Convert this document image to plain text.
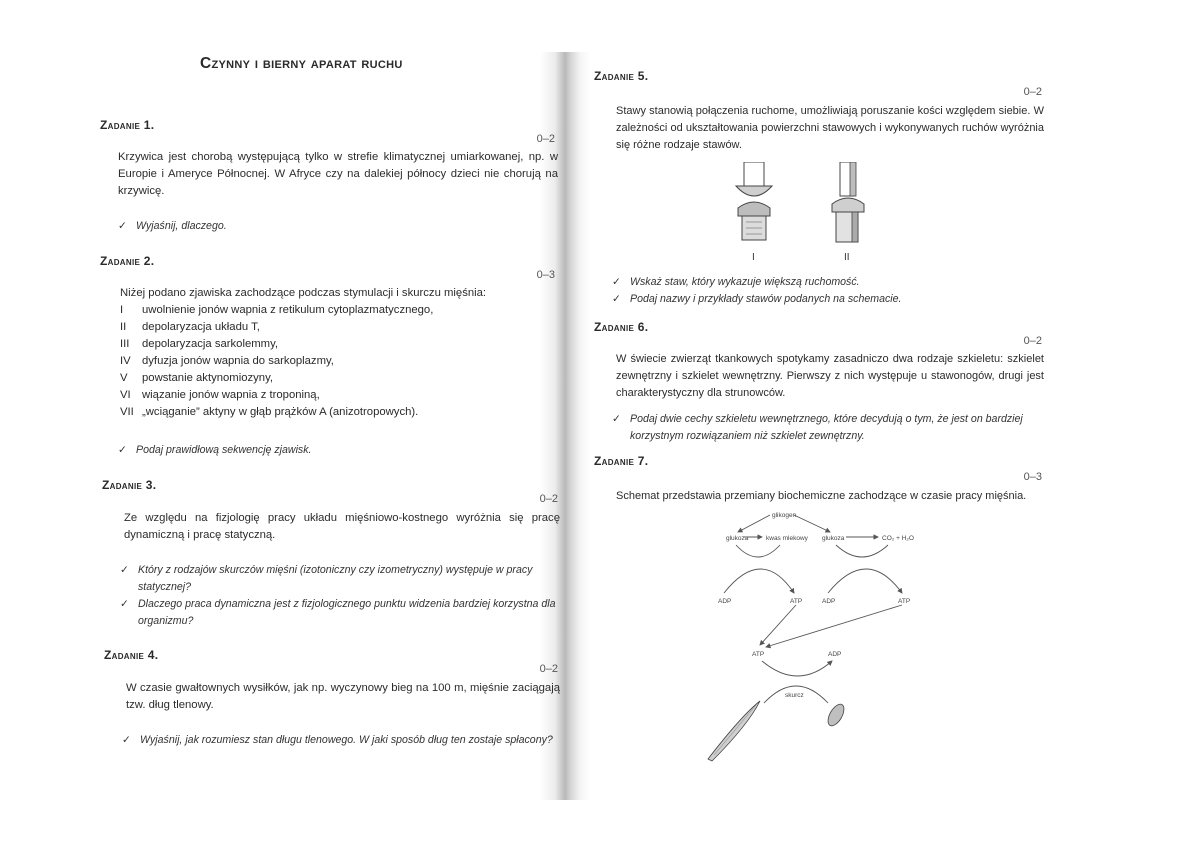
Czynny i bierny aparat ruchu
Zadanie 1.
0–2
Krzywica jest chorobą występującą tylko w strefie klimatycznej umiarkowanej, np. w Europie i Ameryce Północnej. W Afryce czy na dalekiej północy dzieci nie chorują na krzywicę.
✓ Wyjaśnij, dlaczego.
Zadanie 2.
0–3
Niżej podano zjawiska zachodzące podczas stymulacji i skurczu mięśnia:
I	uwolnienie jonów wapnia z retikulum cytoplazmatycznego,
II	depolaryzacja układu T,
III	depolaryzacja sarkolemmy,
IV	dyfuzja jonów wapnia do sarkoplazmy,
V	powstanie aktynomiozyny,
VI	wiązanie jonów wapnia z troponiną,
VII „wciąganie” aktyny w głąb prążków A (anizotropowych).
✓ Podaj prawidłową sekwencję zjawisk.
Zadanie 3.
0–2
Ze względu na fizjologię pracy układu mięśniowo-kostnego wyróżnia się pracę dynamiczną i pracę statyczną.
✓ Który z rodzajów skurczów mięśni (izotoniczny czy izometryczny) występuje w pracy statycznej?
✓ Dlaczego praca dynamiczna jest z fizjologicznego punktu widzenia bardziej korzystna dla organizmu?
Zadanie 4.
0–2
W czasie gwałtownych wysiłków, jak np. wyczynowy bieg na 100 m, mięśnie zaciągają tzw. dług tlenowy.
✓ Wyjaśnij, jak rozumiesz stan długu tlenowego. W jaki sposób dług ten zostaje spłacony?
Zadanie 5.
0–2
Stawy stanowią połączenia ruchome, umożliwiają poruszanie kości względem siebie. W zależności od ukształtowania powierzchni stawowych i wykonywanych ruchów wyróżnia się różne rodzaje stawów.
I	II
✓ Wskaż staw, który wykazuje większą ruchomość.
✓ Podaj nazwy i przykłady stawów podanych na schemacie.
Zadanie 6.
0–2
W świecie zwierząt tkankowych spotykamy zasadniczo dwa rodzaje szkieletu: szkielet zewnętrzny i szkielet wewnętrzny. Pierwszy z nich występuje u stawonogów, drugi jest charakterystyczny dla strunowców.
✓ Podaj dwie cechy szkieletu wewnętrznego, które decydują o tym, że jest on bardziej korzystnym rozwiązaniem niż szkielet zewnętrzny.
Zadanie 7.
0–3
Schemat przedstawia przemiany biochemiczne zachodzące w czasie pracy mięśnia.
glikogen
glukoza	kwas mlekowy glukoza	CO₂ + H₂O
ADP	ATP	ADP	ATP
ATP	ADP
skurcz
